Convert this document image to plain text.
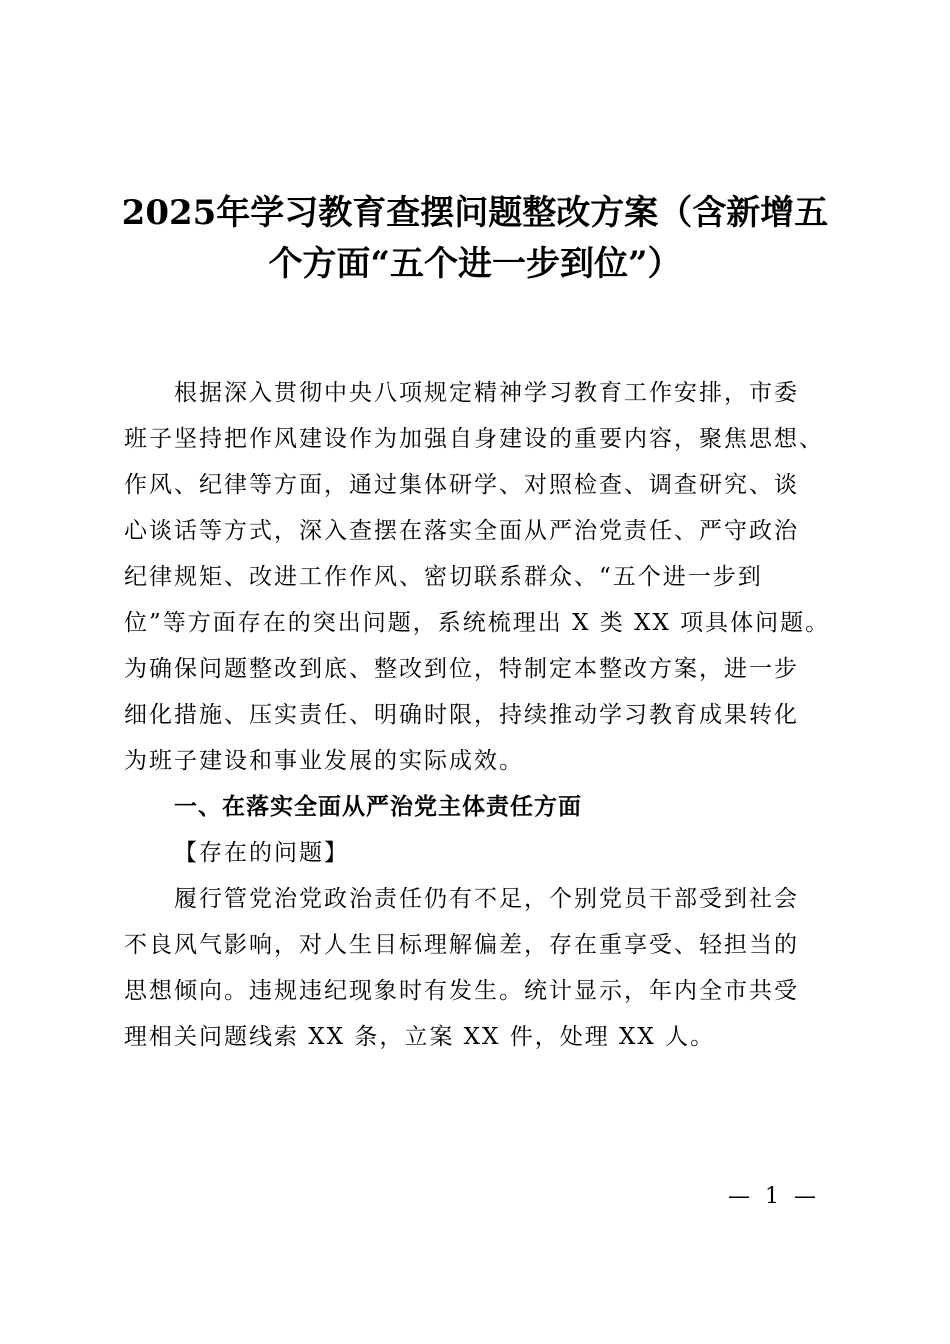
2025年学习教育查摆问题整改方案（含新增五
个方面“五个进一步到位”）
根据深入贯彻中央八项规定精神学习教育工作安排，市委
班子坚持把作风建设作为加强自身建设的重要内容，聚焦思想、
作风、纪律等方面，通过集体研学、对照检查、调查研究、谈
心谈话等方式，深入查摆在落实全面从严治党责任、严守政治
纪律规矩、改进工作作风、密切联系群众、“五个进一步到
位”等方面存在的突出问题，系统梳理出 X 类 XX 项具体问题。
为确保问题整改到底、整改到位，特制定本整改方案，进一步
细化措施、压实责任、明确时限，持续推动学习教育成果转化
为班子建设和事业发展的实际成效。
一、在落实全面从严治党主体责任方面
【存在的问题】
履行管党治党政治责任仍有不足，个别党员干部受到社会
不良风气影响，对人生目标理解偏差，存在重享受、轻担当的
思想倾向。违规违纪现象时有发生。统计显示，年内全市共受
理相关问题线索 XX 条，立案 XX 件，处理 XX 人。
— 1 —
